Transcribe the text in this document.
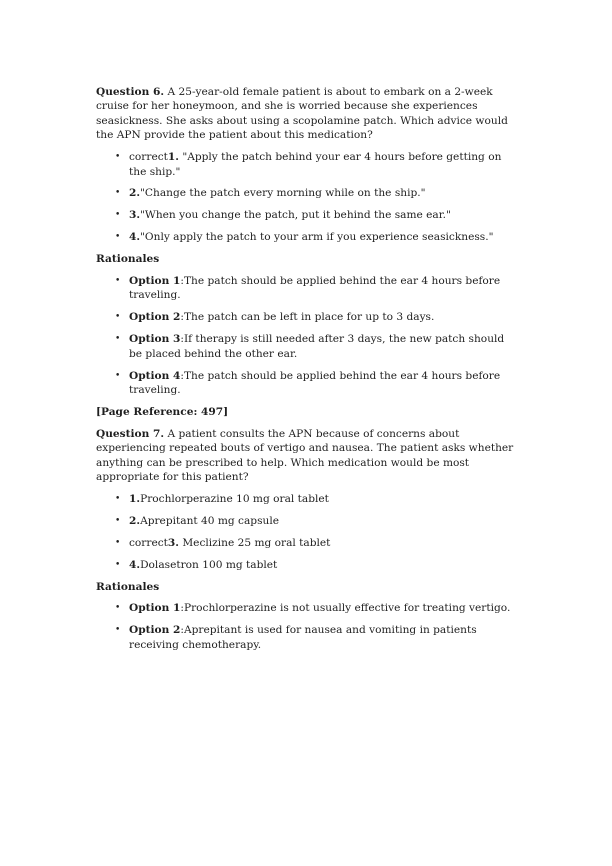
Question 6. A 25-year-old female patient is about to embark on a 2-week cruise for her honeymoon, and she is worried because she experiences seasickness. She asks about using a scopolamine patch. Which advice would the APN provide the patient about this medication?

• correct1. "Apply the patch behind your ear 4 hours before getting on the ship."

• 2."Change the patch every morning while on the ship."

• 3."When you change the patch, put it behind the same ear."

• 4."Only apply the patch to your arm if you experience seasickness."

Rationales
• Option 1:The patch should be applied behind the ear 4 hours before traveling.

• Option 2:The patch can be left in place for up to 3 days.

• Option 3:If therapy is still needed after 3 days, the new patch should be placed behind the other ear.

• Option 4:The patch should be applied behind the ear 4 hours before traveling.

[Page Reference: 497]

Question 7. A patient consults the APN because of concerns about experiencing repeated bouts of vertigo and nausea. The patient asks whether anything can be prescribed to help. Which medication would be most appropriate for this patient?

• 1.Prochlorperazine 10 mg oral tablet

• 2.Aprepitant 40 mg capsule

• correct3. Meclizine 25 mg oral tablet

• 4.Dolasetron 100 mg tablet

Rationales
• Option 1:Prochlorperazine is not usually effective for treating vertigo.

• Option 2:Aprepitant is used for nausea and vomiting in patients receiving chemotherapy.
